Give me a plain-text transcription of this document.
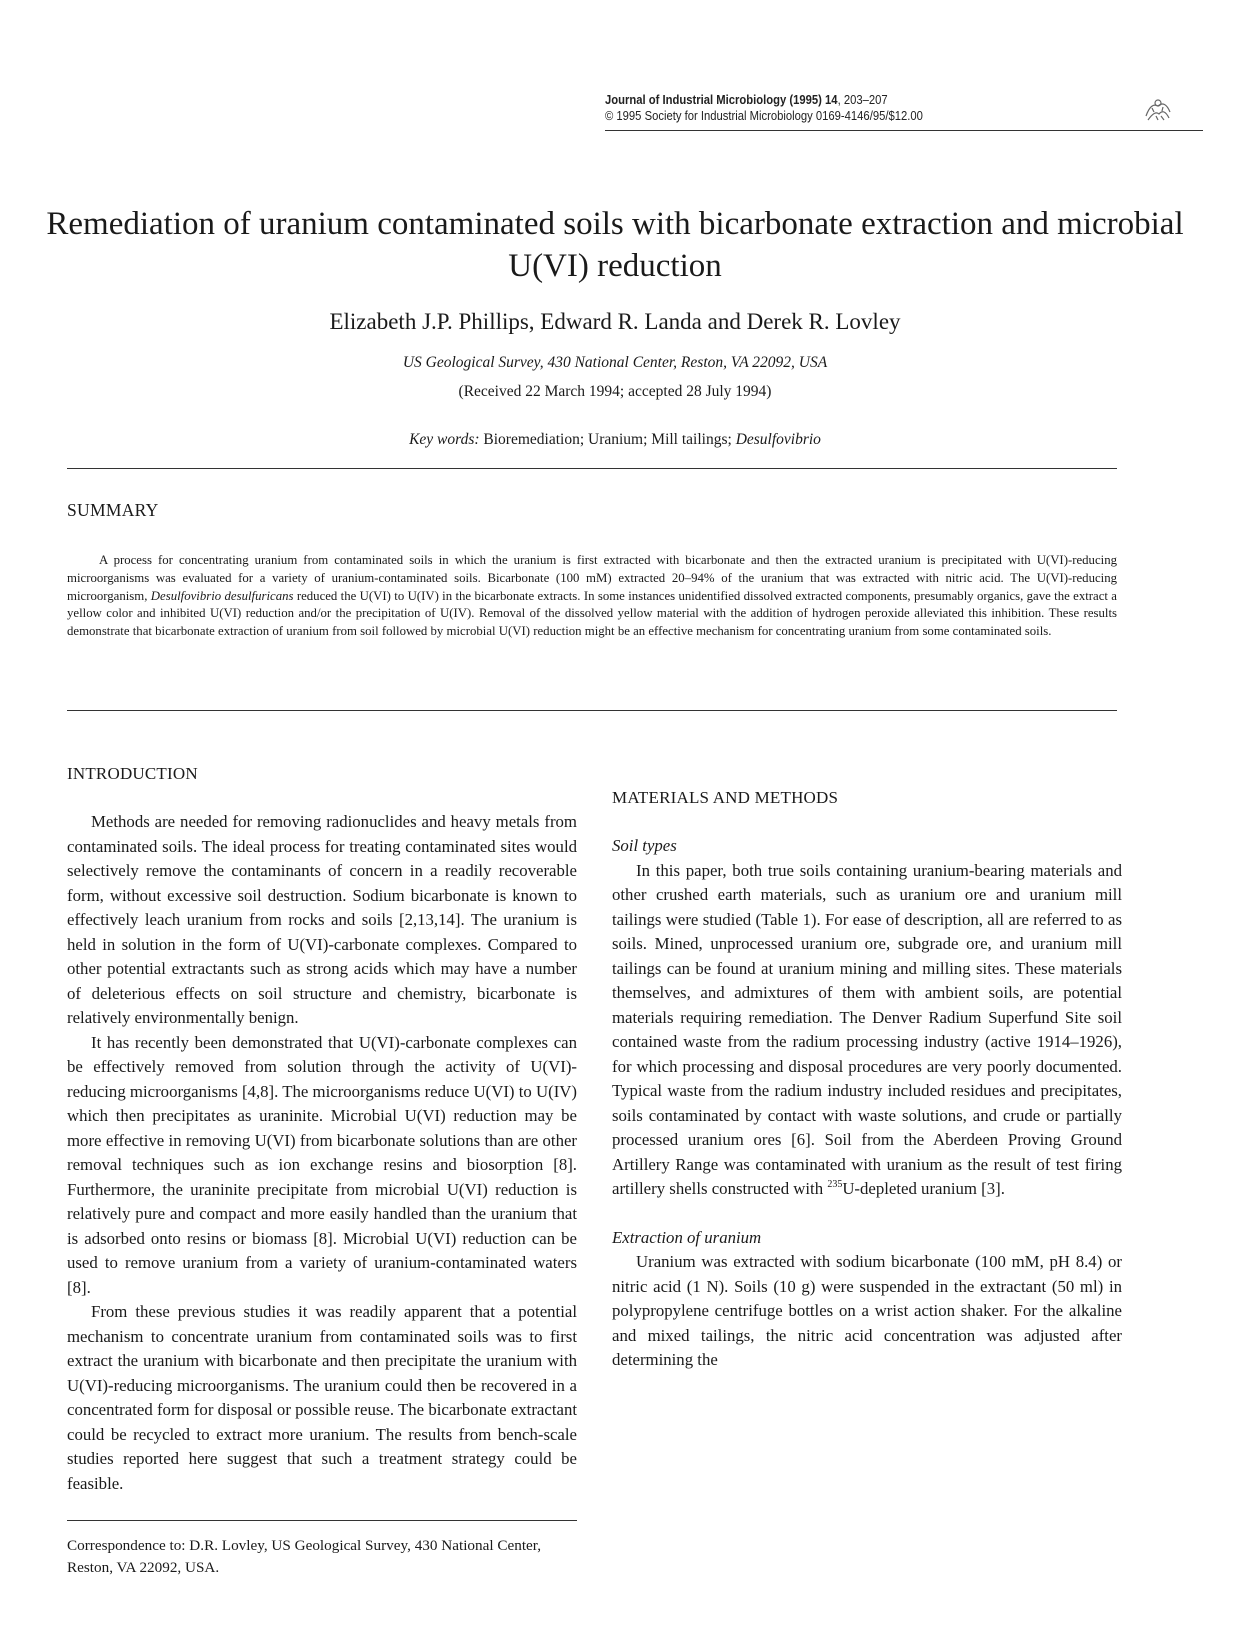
Journal of Industrial Microbiology (1995) 14, 203–207
© 1995 Society for Industrial Microbiology 0169-4146/95/$12.00
Remediation of uranium contaminated soils with bicarbonate extraction and microbial U(VI) reduction
Elizabeth J.P. Phillips, Edward R. Landa and Derek R. Lovley
US Geological Survey, 430 National Center, Reston, VA 22092, USA
(Received 22 March 1994; accepted 28 July 1994)
Key words: Bioremediation; Uranium; Mill tailings; Desulfovibrio
SUMMARY

A process for concentrating uranium from contaminated soils in which the uranium is first extracted with bicarbonate and then the extracted uranium is precipitated with U(VI)-reducing microorganisms was evaluated for a variety of uranium-contaminated soils. Bicarbonate (100 mM) extracted 20–94% of the uranium that was extracted with nitric acid. The U(VI)-reducing microorganism, Desulfovibrio desulfuricans reduced the U(VI) to U(IV) in the bicarbonate extracts. In some instances unidentified dissolved extracted components, presumably organics, gave the extract a yellow color and inhibited U(VI) reduction and/or the precipitation of U(IV). Removal of the dissolved yellow material with the addition of hydrogen peroxide alleviated this inhibition. These results demonstrate that bicarbonate extraction of uranium from soil followed by microbial U(VI) reduction might be an effective mechanism for concentrating uranium from some contaminated soils.

INTRODUCTION

Methods are needed for removing radionuclides and heavy metals from contaminated soils. The ideal process for treating contaminated sites would selectively remove the contaminants of concern in a readily recoverable form, without excessive soil destruction. Sodium bicarbonate is known to effectively leach uranium from rocks and soils [2,13,14]. The uranium is held in solution in the form of U(VI)-carbonate complexes. Compared to other potential extractants such as strong acids which may have a number of deleterious effects on soil structure and chemistry, bicarbonate is relatively environmentally benign.

It has recently been demonstrated that U(VI)-carbonate complexes can be effectively removed from solution through the activity of U(VI)-reducing microorganisms [4,8]. The microorganisms reduce U(VI) to U(IV) which then precipitates as uraninite. Microbial U(VI) reduction may be more effective in removing U(VI) from bicarbonate solutions than are other removal techniques such as ion exchange resins and biosorption [8]. Furthermore, the uraninite precipitate from microbial U(VI) reduction is relatively pure and compact and more easily handled than the uranium that is adsorbed onto resins or biomass [8]. Microbial U(VI) reduction can be used to remove uranium from a variety of uranium-contaminated waters [8].

From these previous studies it was readily apparent that a potential mechanism to concentrate uranium from contaminated soils was to first extract the uranium with bicarbonate and then precipitate the uranium with U(VI)-reducing microorganisms. The uranium could then be recovered in a concentrated form for disposal or possible reuse. The bicarbonate extractant could be recycled to extract more uranium. The results from bench-scale studies reported here suggest that such a treatment strategy could be feasible.

MATERIALS AND METHODS
Soil types

In this paper, both true soils containing uranium-bearing materials and other crushed earth materials, such as uranium ore and uranium mill tailings were studied (Table 1). For ease of description, all are referred to as soils. Mined, unprocessed uranium ore, subgrade ore, and uranium mill tailings can be found at uranium mining and milling sites. These materials themselves, and admixtures of them with ambient soils, are potential materials requiring remediation. The Denver Radium Superfund Site soil contained waste from the radium processing industry (active 1914–1926), for which processing and disposal procedures are very poorly documented. Typical waste from the radium industry included residues and precipitates, soils contaminated by contact with waste solutions, and crude or partially processed uranium ores [6]. Soil from the Aberdeen Proving Ground Artillery Range was contaminated with uranium as the result of test firing artillery shells constructed with $^{235}$U-depleted uranium [3].

Extraction of uranium

Uranium was extracted with sodium bicarbonate (100 mM, pH 8.4) or nitric acid (1 N). Soils (10 g) were suspended in the extractant (50 ml) in polypropylene centrifuge bottles on a wrist action shaker. For the alkaline and mixed tailings, the nitric acid concentration was adjusted after determining the

Correspondence to: D.R. Lovley, US Geological Survey, 430 National Center, Reston, VA 22092, USA.
